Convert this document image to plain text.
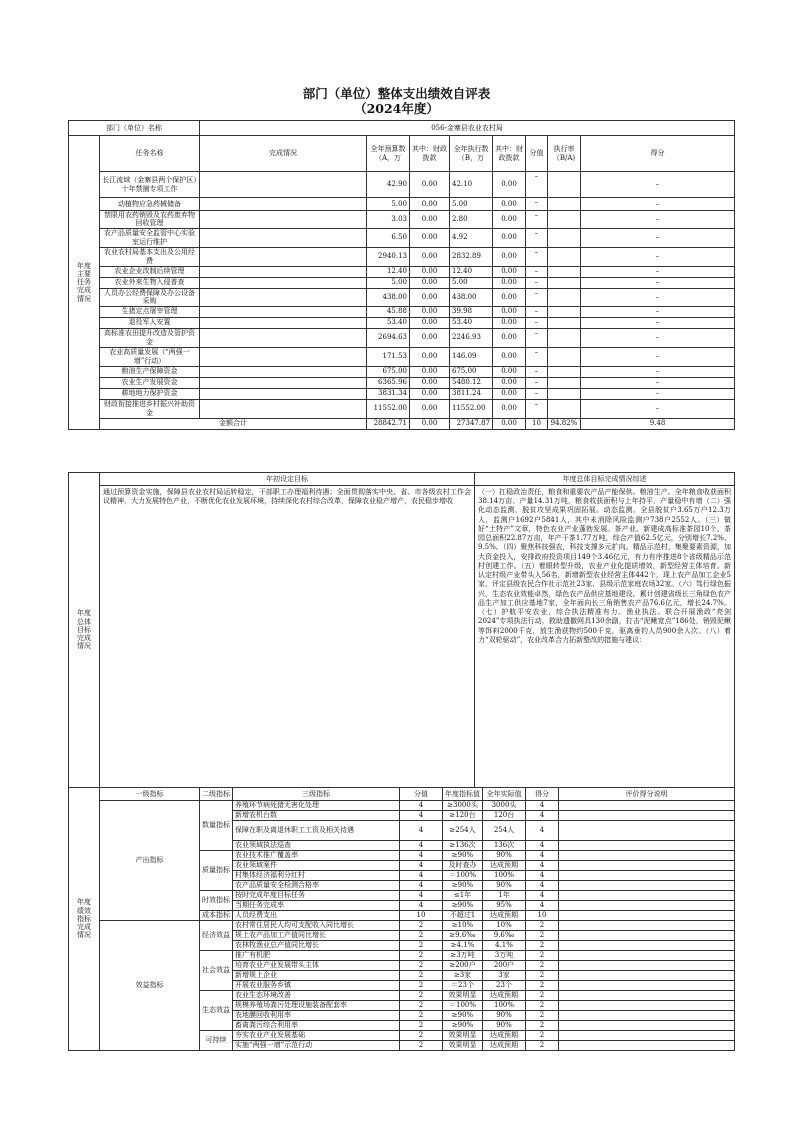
部门（单位）整体支出绩效自评表
（2024年度）
部门（单位）名称		056-金寨县农业农村局							
年度主要任务完成情况	任务名称	完成情况	全年预算数（A，万	其中：财政拨款	全年执行数（B，万	其中：财政拨款	分值	执行率（B/A)	得分
	长江流域（金寨县两个保护区）十年禁捕专项工作		42.90	0.00	42.10	0.00	–		–
	动植物应急药械储备		5.00	0.00	5.00	0.00	–		–
	禁限用农药销毁及农药废弃物回收管理		3.03	0.00	2.80	0.00	–		–
	农产品质量安全监管中心实验室运行维护		6.50	0.00	4.92	0.00	–		–
	农业农村局基本支出及公用经费		2940.13	0.00	2832.89	0.00	–		–
	农业企业改制后续管理		12.40	0.00	12.40	0.00	–		–
	农业外来生物入侵普查		5.00	0.00	5.00	0.00	–		–
	人员办公经费保障及办公设备采购		438.00	0.00	438.00	0.00	–		–
	生猪定点屠宰管理		45.88	0.00	39.98	0.00	–		–
	退役军人安置		53.40	0.00	53.40	0.00	–		–
	高标准农田提升改造及管护资金		2694.63	0.00	2246.93	0.00	–		–
	农业高质量发展（“两强一增”行动）		171.53	0.00	146.09	0.00	–		–
	粮油生产保障资金		675.00	0.00	675.00	0.00	–		–
	农业生产发展资金		6365.96	0.00	5480.12	0.00	–		–
	耕地地力保护资金		3831.34	0.00	3811.24	0.00	–		–
	财政衔接推进乡村振兴补助资金		11552.00	0.00	11552.00	0.00	–		–
	金额合计		28842.71	0.00	27347.87	0.00	10	94.82%	9.48
年度总体目标完成情况	年初设定目标	年度总体目标完成情况综述
	通过预算资金实施，保障县农业农村局运转稳定，干部职工办理福利待遇；全面贯彻落实中央、省、市各级农村工作会议精神，大力发展特色产业，不断优化农业发展环境，持续深化农村综合改革，保障农业稳产增产，农民稳步增收	（一）扛稳政治责任，粮食和重要农产品产能保供。粮油生产。全年粮食收获面积38.14万亩、产量14.31万吨，粮食收获面积与上年持平，产量稳中有增（二）强化动态监测，脱贫攻坚成果巩固拓展。动态监测。全县脱贫户3.65万户12.3万人，监测户1692户5841人，其中未消除风险监测户738户2552人。（三）做好“土特产”文章，特色农业产业蓬勃发展。茶产业。新建成高标准茶园10个，茶园总面积22.87万亩，年产干茶1.77万吨，综合产值62.5亿元，分别增长7.2%、9.5%。（四）聚焦科技强农，科技支撑多元扩向。精品示范村，集聚要素资源，加大资金投入，安排政府投资项目149个3.46亿元，有力有序推进8个省级精品示范村创建工作。（五）着眼转型升级，农业产业化提质增效，新型经营主体培育。新认定村级产业带头人56名，新增新型农业经营主体442个，现上农产品加工企业5家，评定县级农民合作社示范社23家、县级示范家庭农场32家。（六）笃行绿色振兴，生态农业效能卓然，绿色农产品供应基地建设。累计创建省级长三角绿色农产品生产加工供应基地7家，全年面向长三角销售农产品76.6亿元，增长24.7%。（七）护航平安农业，综合执法精准有力。渔业执法。联合开展渔政“亮剑2024”专项执法行动，救助遗撤网具130余副，打击“泥鳅宽点”186处，销毁泥鳅等饵料2000千克，放生渔获物约500千克，驱离垂钓人员900余人次。（八）着力“双轮驱动”，农业改革合力拓新整改的措施与建议：
年度绩效指标完成情况	一级指标	二级指标	三级指标	分值	年度指标值	全年实际值	得分	评价得分说明
	产出指标	数量指标	养殖环节病死猪无害化处理	4	≥3000头	3000头	4	
			新增农机台数	4	≥120台	120台	4	
			保障在职及离退休职工工资及相关待遇	4	≥254人	254人	4	
			农业领域执法巡查	4	≥136次	136次	4	
		质量指标	农业技术推广覆盖率	4	≥90%	90%	4	
			农业领域案件	4	及时查办	达成预期	4	
			村集体经济福利分红村	4	＝100%	100%	4	
			农产品质量安全检测合格率	4	≥90%	90%	4	
		时效指标	按时完成年度目标任务	4	≤1年	1年	4	
			当期任务完成率	4	≥90%	95%	4	
		成本指标	人员经费支出	10	不超过1	达成预期	10	
	效益指标	经济效益	农村常住居民人均可支配收入同比增长	2	≥10%	10%	2	
			规上农产品加工产值同比增长	2	≥9.6‰	9.6‰	2	
			农林牧渔业总产值同比增长	2	≥4.1%	4.1%	2	
		社会效益	推广有机肥	2	≥3万吨	3万吨	2	
			培育农业产业发展带头主体	2	≥200户	200户	2	
			新增规上企业	2	≥3家	3家	2	
			开展农业服务乡镇	2	＝23个	23个	2	
		生态效益	农业生态环境改善	2	效果明显	达成预期	2	
			规模养殖场粪污处理设施装备配套率	2	＝100%	100%	2	
			农地膜回收利用率	2	≥90%	90%	2	
			畜禽粪污综合利用率	2	≥90%	90%	2	
		可持续	夯实农业产业发展基础	2	效果明显	达成预期	2	
			实施“两强一增”示范行动	2	效果明显	达成预期	2	
